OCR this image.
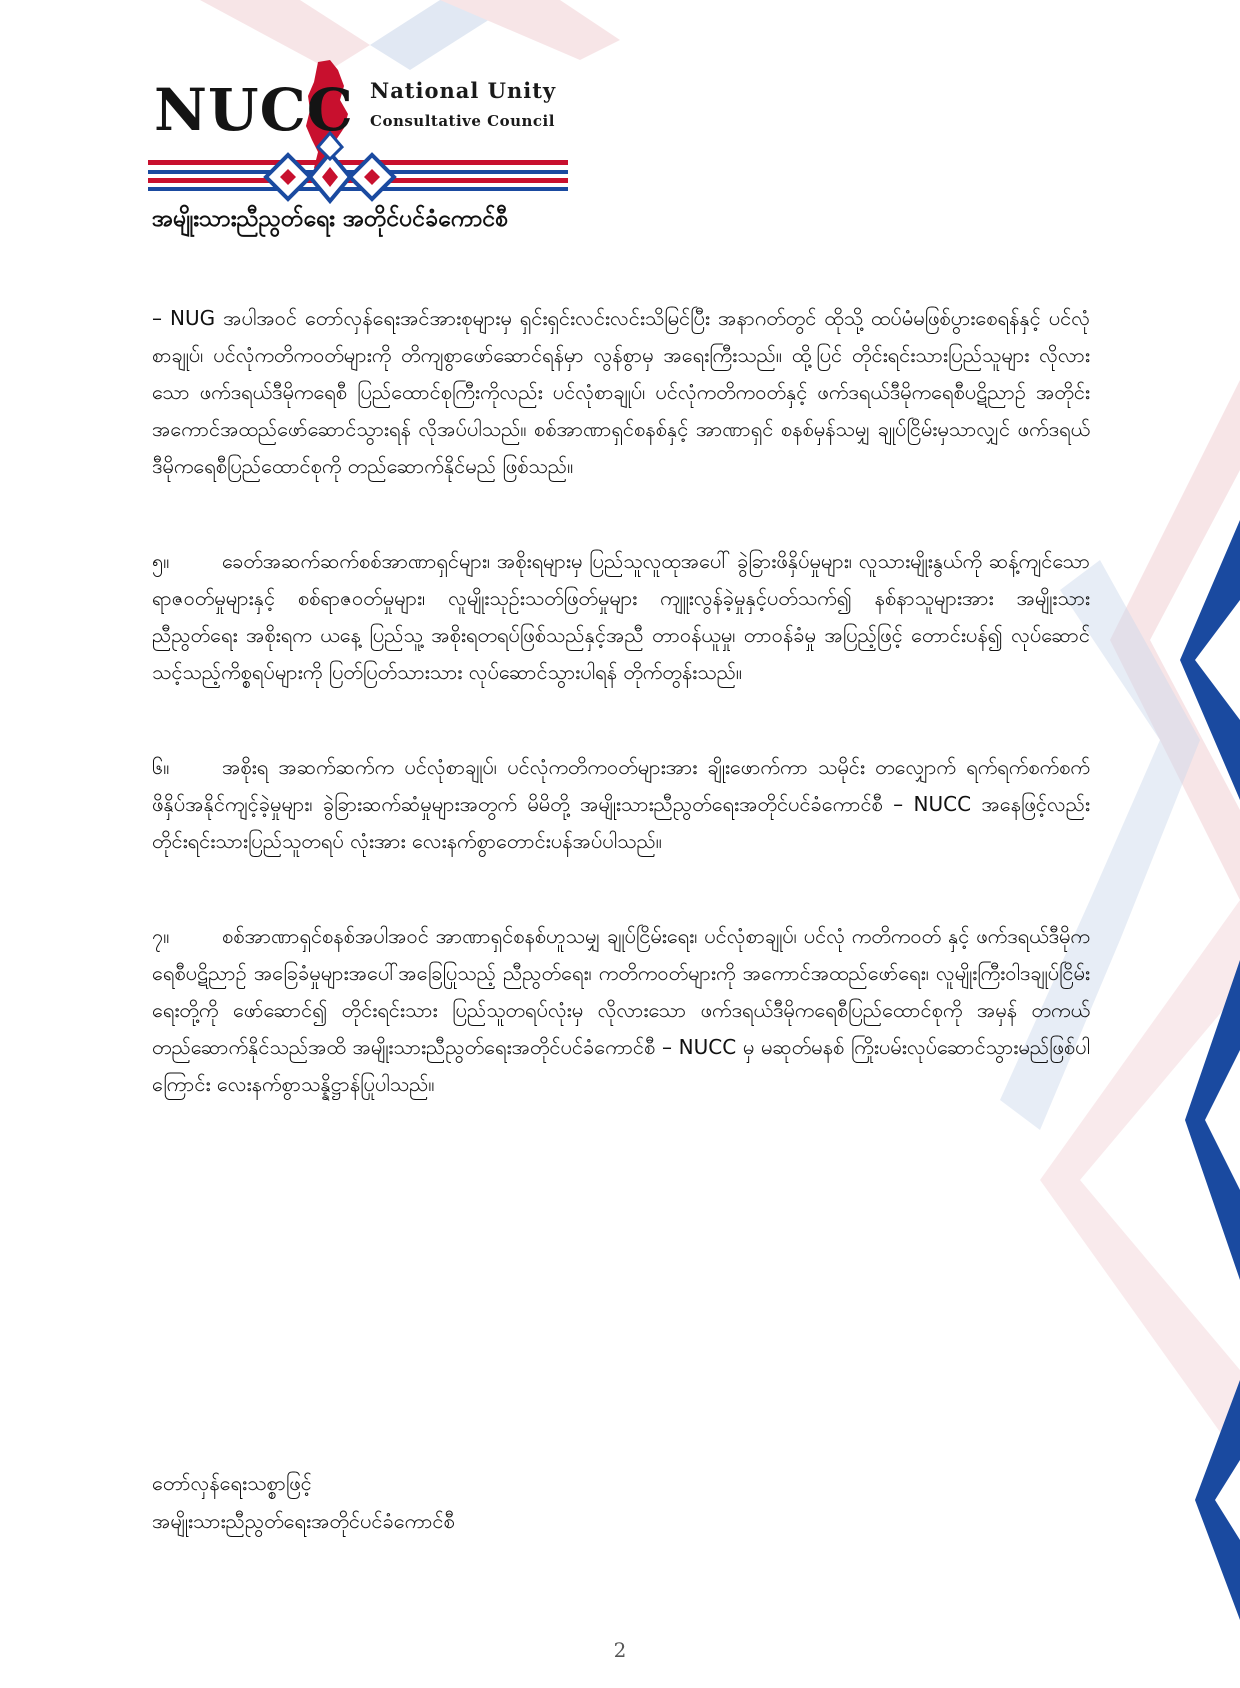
NUCC National Unity
Consultative Council
အမျိုးသားညီညွတ်ရေး အတိုင်ပင်ခံကောင်စီ

– NUG အပါအဝင် တော်လှန်ရေးအင်အားစုများမှ ရှင်းရှင်းလင်းလင်းသိမြင်ပြီး အနာဂတ်တွင် ထိုသို့ ထပ်မံမဖြစ်ပွားစေရန်နှင့် ပင်လုံစာချုပ်၊ ပင်လုံကတိကဝတ်များကို တိကျစွာဖော်ဆောင်ရန်မှာ လွန်စွာမှ အရေးကြီးသည်။ ထို့ပြင် တိုင်းရင်းသားပြည်သူများ လိုလားသော ဖက်ဒရယ်ဒီမိုကရေစီ ပြည်ထောင်စုကြီးကိုလည်း ပင်လုံစာချုပ်၊ ပင်လုံကတိကဝတ်နှင့် ဖက်ဒရယ်ဒီမိုကရေစီပဋိညာဉ် အတိုင်း အကောင်အထည်ဖော်ဆောင်သွားရန် လိုအပ်ပါသည်။ စစ်အာဏာရှင်စနစ်နှင့် အာဏာရှင် စနစ်မှန်သမျှ ချုပ်ငြိမ်းမှသာလျှင် ဖက်ဒရယ်ဒီမိုကရေစီပြည်ထောင်စုကို တည်ဆောက်နိုင်မည် ဖြစ်သည်။

၅။	ခေတ်အဆက်ဆက်စစ်အာဏာရှင်များ၊ အစိုးရများမှ ပြည်သူလူထုအပေါ် ခွဲခြားဖိနှိပ်မှုများ၊ လူသားမျိုးနွယ်ကို ဆန့်ကျင်သော ရာဇဝတ်မှုများနှင့် စစ်ရာဇဝတ်မှုများ၊ လူမျိုးသုဉ်းသတ်ဖြတ်မှုများ ကျူးလွန်ခဲ့မှုနှင့်ပတ်သက်၍ နစ်နာသူများအား အမျိုးသားညီညွတ်ရေး အစိုးရက ယနေ့ ပြည်သူ့ အစိုးရတရပ်ဖြစ်သည်နှင့်အညီ တာဝန်ယူမှု၊ တာဝန်ခံမှု အပြည့်ဖြင့် တောင်းပန်၍ လုပ်ဆောင်သင့်သည့်ကိစ္စရပ်များကို ပြတ်ပြတ်သားသား လုပ်ဆောင်သွားပါရန် တိုက်တွန်းသည်။

၆။	အစိုးရ အဆက်ဆက်က ပင်လုံစာချုပ်၊ ပင်လုံကတိကဝတ်များအား ချိုးဖောက်ကာ သမိုင်း တလျှောက် ရက်ရက်စက်စက် ဖိနှိပ်အနိုင်ကျင့်ခဲ့မှုများ၊ ခွဲခြားဆက်ဆံမှုများအတွက် မိမိတို့ အမျိုးသားညီညွတ်ရေးအတိုင်ပင်ခံကောင်စီ – NUCC အနေဖြင့်လည်း တိုင်းရင်းသားပြည်သူတရပ် လုံးအား လေးနက်စွာတောင်းပန်အပ်ပါသည်။

၇။	စစ်အာဏာရှင်စနစ်အပါအဝင် အာဏာရှင်စနစ်ဟူသမျှ ချုပ်ငြိမ်းရေး၊ ပင်လုံစာချုပ်၊ ပင်လုံ ကတိကဝတ် နှင့် ဖက်ဒရယ်ဒီမိုကရေစီပဋိညာဉ် အခြေခံမှုများအပေါ်အခြေပြုသည့် ညီညွတ်ရေး၊ ကတိကဝတ်များကို အကောင်အထည်ဖော်ရေး၊ လူမျိုးကြီးဝါဒချုပ်ငြိမ်းရေးတို့ကို ဖော်ဆောင်၍ တိုင်းရင်းသား ပြည်သူတရပ်လုံးမှ လိုလားသော ဖက်ဒရယ်ဒီမိုကရေစီပြည်ထောင်စုကို အမှန် တကယ် တည်ဆောက်နိုင်သည်အထိ အမျိုးသားညီညွတ်ရေးအတိုင်ပင်ခံကောင်စီ – NUCC မှ မဆုတ်မနစ် ကြိုးပမ်းလုပ်ဆောင်သွားမည်ဖြစ်ပါကြောင်း လေးနက်စွာသန္နိဋ္ဌာန်ပြုပါသည်။

တော်လှန်ရေးသစ္စာဖြင့်
အမျိုးသားညီညွတ်ရေးအတိုင်ပင်ခံကောင်စီ
2
